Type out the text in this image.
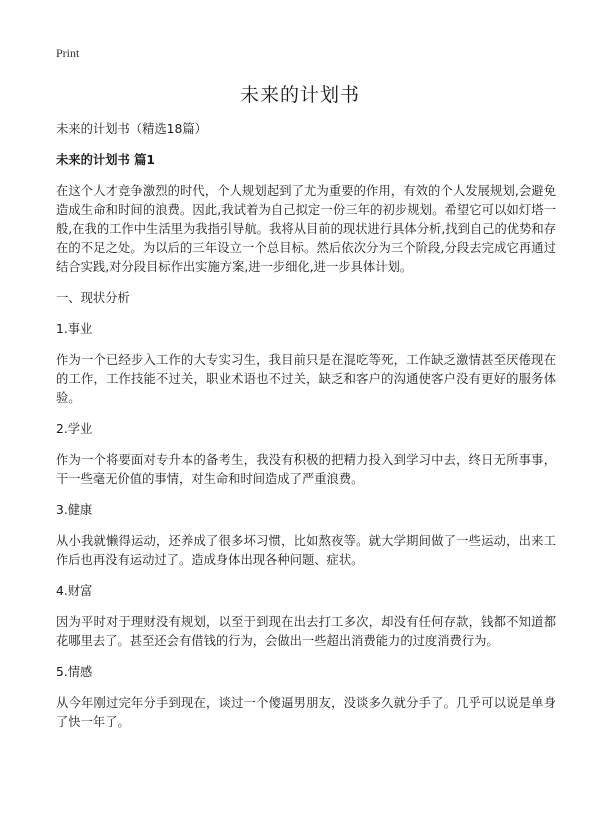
Print
未来的计划书

未来的计划书（精选18篇）

未来的计划书 篇1

在这个人才竞争激烈的时代，个人规划起到了尤为重要的作用，有效的个人发展规划,会避免造成生命和时间的浪费。因此,我试着为自己拟定一份三年的初步规划。希望它可以如灯塔一般,在我的工作中生活里为我指引导航。我将从目前的现状进行具体分析,找到自己的优势和存在的不足之处。为以后的三年设立一个总目标。然后依次分为三个阶段,分段去完成它再通过结合实践,对分段目标作出实施方案,进一步细化,进一步具体计划。

一、现状分析

1.事业

作为一个已经步入工作的大专实习生，我目前只是在混吃等死，工作缺乏激情甚至厌倦现在的工作，工作技能不过关，职业术语也不过关，缺乏和客户的沟通使客户没有更好的服务体验。

2.学业

作为一个将要面对专升本的备考生，我没有积极的把精力投入到学习中去，终日无所事事，干一些毫无价值的事情，对生命和时间造成了严重浪费。

3.健康

从小我就懒得运动，还养成了很多坏习惯，比如熬夜等。就大学期间做了一些运动，出来工作后也再没有运动过了。造成身体出现各种问题、症状。

4.财富

因为平时对于理财没有规划，以至于到现在出去打工多次，却没有任何存款，钱都不知道都花哪里去了。甚至还会有借钱的行为，会做出一些超出消费能力的过度消费行为。

5.情感

从今年刚过完年分手到现在，谈过一个傻逼男朋友，没谈多久就分手了。几乎可以说是单身了快一年了。
